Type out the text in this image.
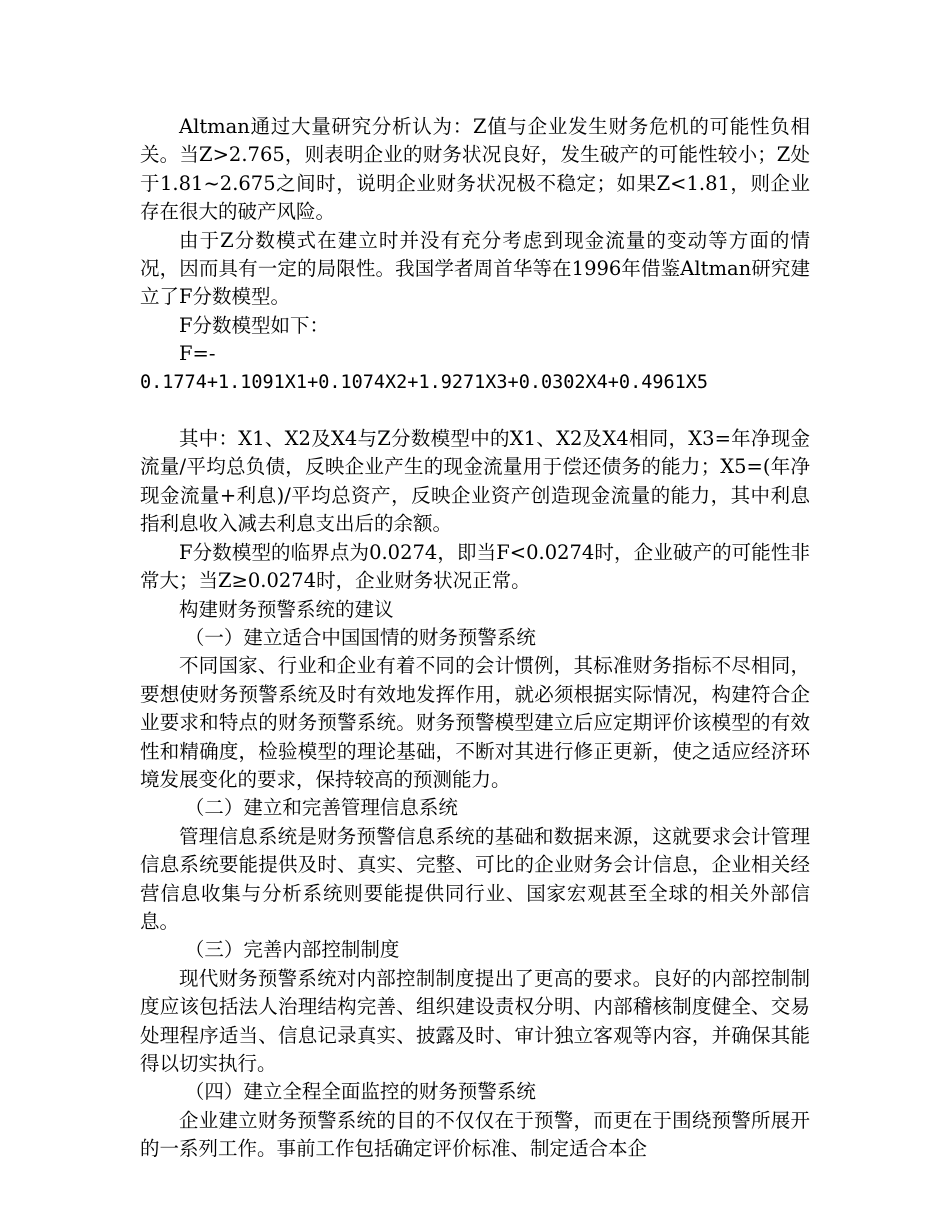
Altman通过大量研究分析认为：Z值与企业发生财务危机的可能性负相关。当Z>2.765，则表明企业的财务状况良好，发生破产的可能性较小；Z处于1.81~2.675之间时，说明企业财务状况极不稳定；如果Z<1.81，则企业存在很大的破产风险。

由于Z分数模式在建立时并没有充分考虑到现金流量的变动等方面的情况，因而具有一定的局限性。我国学者周首华等在1996年借鉴Altman研究建立了F分数模型。

F分数模型如下：

F=-

0.1774+1.1091X1+0.1074X2+1.9271X3+0.0302X4+0.4961X5

其中：X1、X2及X4与Z分数模型中的X1、X2及X4相同，X3=年净现金流量/平均总负债，反映企业产生的现金流量用于偿还债务的能力；X5=(年净现金流量+利息)/平均总资产，反映企业资产创造现金流量的能力，其中利息指利息收入减去利息支出后的余额。

F分数模型的临界点为0.0274，即当F<0.0274时，企业破产的可能性非常大；当Z≥0.0274时，企业财务状况正常。

构建财务预警系统的建议

（一）建立适合中国国情的财务预警系统

不同国家、行业和企业有着不同的会计惯例，其标准财务指标不尽相同，要想使财务预警系统及时有效地发挥作用，就必须根据实际情况，构建符合企业要求和特点的财务预警系统。财务预警模型建立后应定期评价该模型的有效性和精确度，检验模型的理论基础，不断对其进行修正更新，使之适应经济环境发展变化的要求，保持较高的预测能力。

（二）建立和完善管理信息系统

管理信息系统是财务预警信息系统的基础和数据来源，这就要求会计管理信息系统要能提供及时、真实、完整、可比的企业财务会计信息，企业相关经营信息收集与分析系统则要能提供同行业、国家宏观甚至全球的相关外部信息。

（三）完善内部控制制度

现代财务预警系统对内部控制制度提出了更高的要求。良好的内部控制制度应该包括法人治理结构完善、组织建设责权分明、内部稽核制度健全、交易处理程序适当、信息记录真实、披露及时、审计独立客观等内容，并确保其能得以切实执行。

（四）建立全程全面监控的财务预警系统

企业建立财务预警系统的目的不仅仅在于预警，而更在于围绕预警所展开的一系列工作。事前工作包括确定评价标准、制定适合本企
